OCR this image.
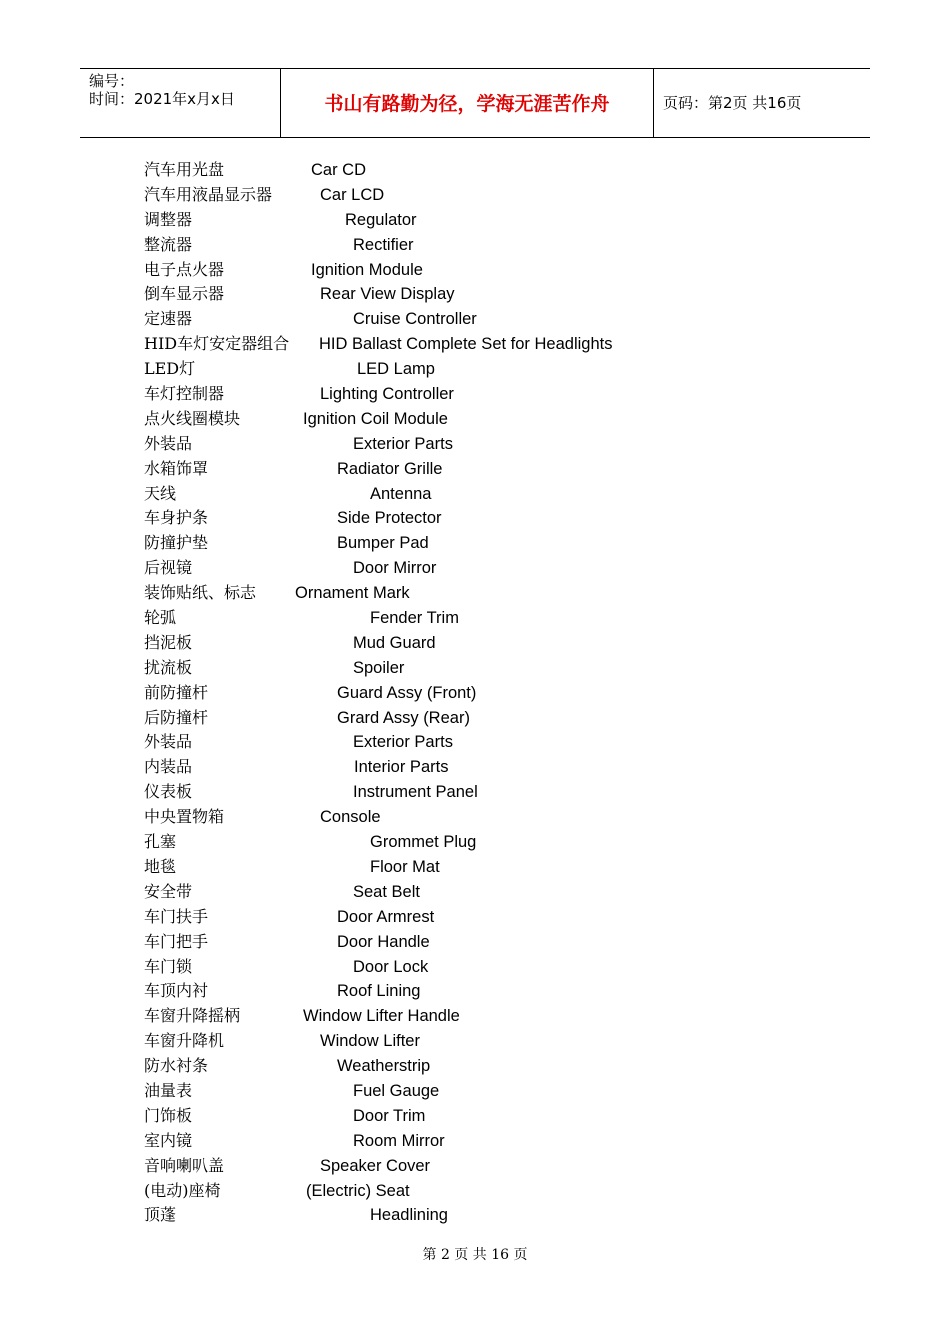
编号：
时间：2021年x月x日	书山有路勤为径，学海无涯苦作舟	页码：第2页 共16页
汽车用光盘	Car CD
汽车用液晶显示器	Car LCD
调整器	Regulator
整流器	Rectifier
电子点火器	Ignition Module
倒车显示器	Rear View Display
定速器	Cruise Controller
HID车灯安定器组合 HID Ballast Complete Set for Headlights
LED灯	LED Lamp
车灯控制器	Lighting Controller
点火线圈模块	Ignition Coil Module
外装品	Exterior Parts
水箱饰罩	Radiator Grille
天线	Antenna
车身护条	Side Protector
防撞护垫	Bumper Pad
后视镜	Door Mirror
装饰贴纸、标志 Ornament Mark
轮弧	Fender Trim
挡泥板	Mud Guard
扰流板	Spoiler
前防撞杆	Guard Assy (Front)
后防撞杆	Grard Assy (Rear)
外装品	Exterior Parts
内装品	Interior Parts
仪表板	Instrument Panel
中央置物箱	Console
孔塞	Grommet Plug
地毯	Floor Mat
安全带	Seat Belt
车门扶手	Door Armrest
车门把手	Door Handle
车门锁	Door Lock
车顶内衬	Roof Lining
车窗升降摇柄	Window Lifter Handle
车窗升降机	Window Lifter
防水衬条	Weatherstrip
油量表	Fuel Gauge
门饰板	Door Trim
室内镜	Room Mirror
音响喇叭盖	Speaker Cover
(电动)座椅	(Electric) Seat
顶蓬	Headlining
第 2 页 共 16 页
